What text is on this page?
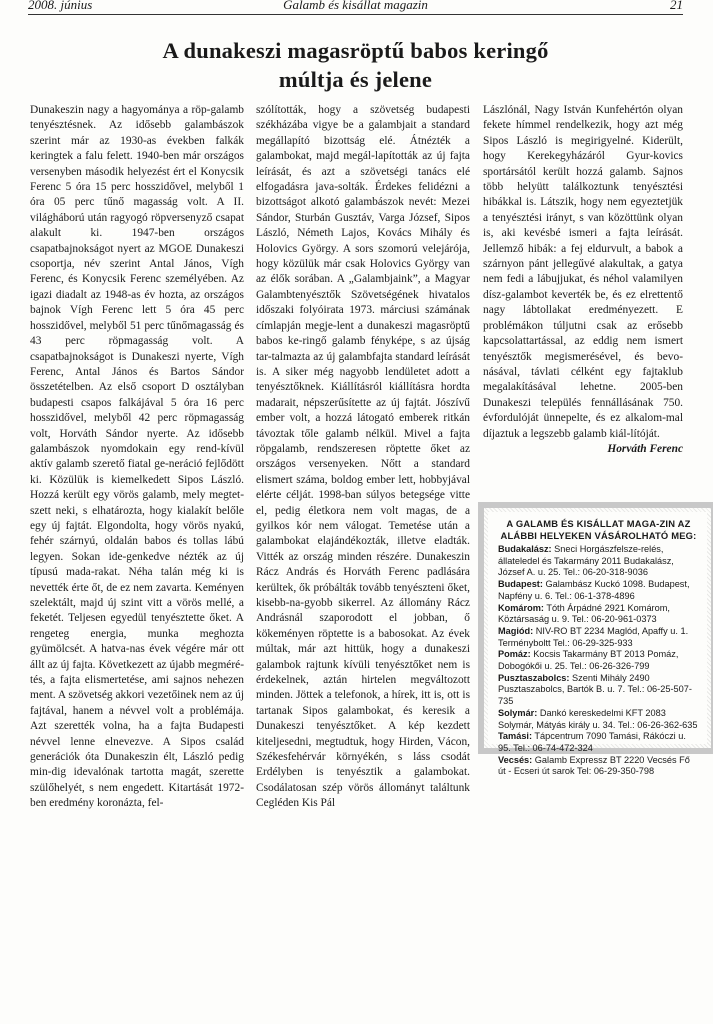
2008. június	Galamb és kisállat magazin	21
A dunakeszi magasröptű babos keringő
múltja és jelene

Dunakeszin nagy a hagyománya a röp-galamb tenyésztésnek. Az idősebb galambászok szerint már az 1930-as években falkák keringtek a falu felett. 1940-ben már országos versenyben második helyezést ért el Konycsik Ferenc 5 óra 15 perc hosszidővel, melyből 1 óra 05 perc tűnő magasság volt. A II. világháború után ragyogó röpversenyző csapat alakult ki. 1947-ben országos csapatbajnokságot nyert az MGOE Dunakeszi csoportja, név szerint Antal János, Vígh Ferenc, és Konycsik Ferenc személyében. Az igazi diadalt az 1948-as év hozta, az országos bajnok Vígh Ferenc lett 5 óra 45 perc hosszidővel, melyből 51 perc tűnőmagasság és 43 perc röpmagasság volt. A csapatbajnokságot is Dunakeszi nyerte, Vígh Ferenc, Antal János és Bartos Sándor összetételben. Az első csoport D osztályban budapesti csapos falkájával 5 óra 16 perc hosszidővel, melyből 42 perc röpmagasság volt, Horváth Sándor nyerte. Az idősebb galambászok nyomdokain egy rend-kívül aktív galamb szerető fiatal ge-neráció fejlődött ki. Közülük is kiemelkedett Sipos László. Hozzá került egy vörös galamb, mely megtet-szett neki, s elhatározta, hogy kialakít belőle egy új fajtát. Elgondolta, hogy vörös nyakú, fehér szárnyú, oldalán babos és tollas lábú legyen. Sokan ide-genkedve nézték az új típusú mada-rakat. Néha talán még ki is nevették érte őt, de ez nem zavarta. Keményen szelektált, majd új szint vitt a vörös mellé, a feketét. Teljesen egyedül tenyésztette őket. A rengeteg energia, munka meghozta gyümölcsét. A hatva-nas évek végére már ott állt az új fajta. Következett az újabb megméré-tés, a fajta elismertetése, ami sajnos nehezen ment. A szövetség akkori vezetőinek nem az új fajtával, hanem a névvel volt a problémája. Azt szerették volna, ha a fajta Budapesti névvel lenne elnevezve. A Sipos család generációk óta Dunakeszin élt, László pedig min-dig idevalónak tartotta magát, szerette szülőhelyét, s nem engedett. Kitartását 1972-ben eredmény koronázta, fel-

szólították, hogy a szövetség budapesti székházába vigye be a galambjait a standard megállapító bizottság elé. Átnézték a galambokat, majd megál-lapították az új fajta leírását, és azt a szövetségi tanács elé elfogadásra java-solták. Érdekes felidézni a bizottságot alkotó galambászok nevét: Mezei Sándor, Sturbán Gusztáv, Varga József, Sipos László, Németh Lajos, Kovács Mihály és Holovics György. A sors szomorú velejárója, hogy közülük már csak Holovics György van az élők sorában. A „Galambjaink”, a Magyar Galambtenyésztők Szövetségének hivatalos időszaki folyóirata 1973. márciusi számának címlapján megje-lent a dunakeszi magasröptű babos ke-ringő galamb fényképe, s az újság tar-talmazta az új galambfajta standard leírását is. A siker még nagyobb lendületet adott a tenyésztőknek. Kiállításról kiállításra hordta madarait, népszerűsítette az új fajtát. Jószívű ember volt, a hozzá látogató emberek ritkán távoztak tőle galamb nélkül. Mivel a fajta röpgalamb, rendszeresen röptette őket az országos versenyeken. Nőtt a standard elismert száma, boldog ember lett, hobbyjával elérte célját. 1998-ban súlyos betegsége vitte el, pedig életkora nem volt magas, de a gyilkos kór nem válogat. Temetése után a galambokat elajándékozták, illetve eladták. Vitték az ország minden részére. Dunakeszin Rácz András és Horváth Ferenc padlására kerültek, ők próbálták tovább tenyészteni őket, kisebb-na-gyobb sikerrel. Az állomány Rácz Andrásnál szaporodott el jobban, ő kökeményen röptette is a babosokat. Az évek múltak, már azt hittük, hogy a dunakeszi galambok rajtunk kívüli tenyésztőket nem is érdekelnek, aztán hirtelen megváltozott minden. Jöttek a telefonok, a hírek, itt is, ott is tartanak Sipos galambokat, és keresik a Dunakeszi tenyésztőket. A kép kezdett kiteljesedni, megtudtuk, hogy Hirden, Vácon, Székesfehérvár környékén, s láss csodát Erdélyben is tenyésztik a galambokat. Csodálatosan szép vörös állományt találtunk Cegléden Kis Pál

Lászlónál, Nagy István Kunfehértón olyan fekete hímmel rendelkezik, hogy azt még Sipos László is megirigyelné. Kiderült, hogy Kerekegyházáról Gyur-kovics sportársától került hozzá galamb. Sajnos több helyütt találkoztunk tenyésztési hibákkal is. Látszik, hogy nem egyeztetjük a tenyésztési irányt, s van közöttünk olyan is, aki kevésbé ismeri a fajta leírását. Jellemző hibák: a fej eldurvult, a babok a szárnyon pánt jellegűvé alakultak, a gatya nem fedi a lábujjukat, és néhol valamilyen dísz-galambot keverték be, és ez elrettentő nagy lábtollakat eredményezett. E problémákon túljutni csak az erősebb kapcsolattartással, az eddig nem ismert tenyésztők megismerésével, és bevo-násával, távlati célként egy fajtaklub megalakításával lehetne. 2005-ben Dunakeszi település fennállásának 750. évfordulóját ünnepelte, és ez alkalom-mal díjaztuk a legszebb galamb kiál-lítóját.

Horváth Ferenc

A GALAMB ÉS KISÁLLAT MAGA-ZIN AZ ALÁBBI HELYEKEN VÁSÁROLHATÓ MEG:

Budakalász: Sneci Horgászfelsze-relés, állateledel és Takarmány 2011 Budakalász, József A. u. 25. Tel.: 06-20-318-9036

Budapest: Galambász Kuckó 1098. Budapest, Napfény u. 6. Tel.: 06-1-378-4896

Komárom: Tóth Árpádné 2921 Komárom, Köztársaság u. 9. Tel.: 06-20-961-0373

Magiód: NIV-RO BT 2234 Maglód, Apaffy u. 1. Terményboltt Tel.: 06-29-325-933

Pomáz: Kocsis Takarmány BT 2013 Pomáz, Dobogókői u. 25. Tel.: 06-26-326-799

Pusztaszabolcs: Szenti Mihály 2490 Pusztaszabolcs, Bartók B. u. 7. Tel.: 06-25-507-735

Solymár: Dankó kereskedelmi KFT 2083 Solymár, Mátyás király u. 34. Tel.: 06-26-362-635

Tamási: Tápcentrum 7090 Tamási, Rákóczi u. 95. Tel.: 06-74-472-324

Vecsés: Galamb Expressz BT 2220 Vecsés Fő út - Ecseri út sarok Tel: 06-29-350-798
